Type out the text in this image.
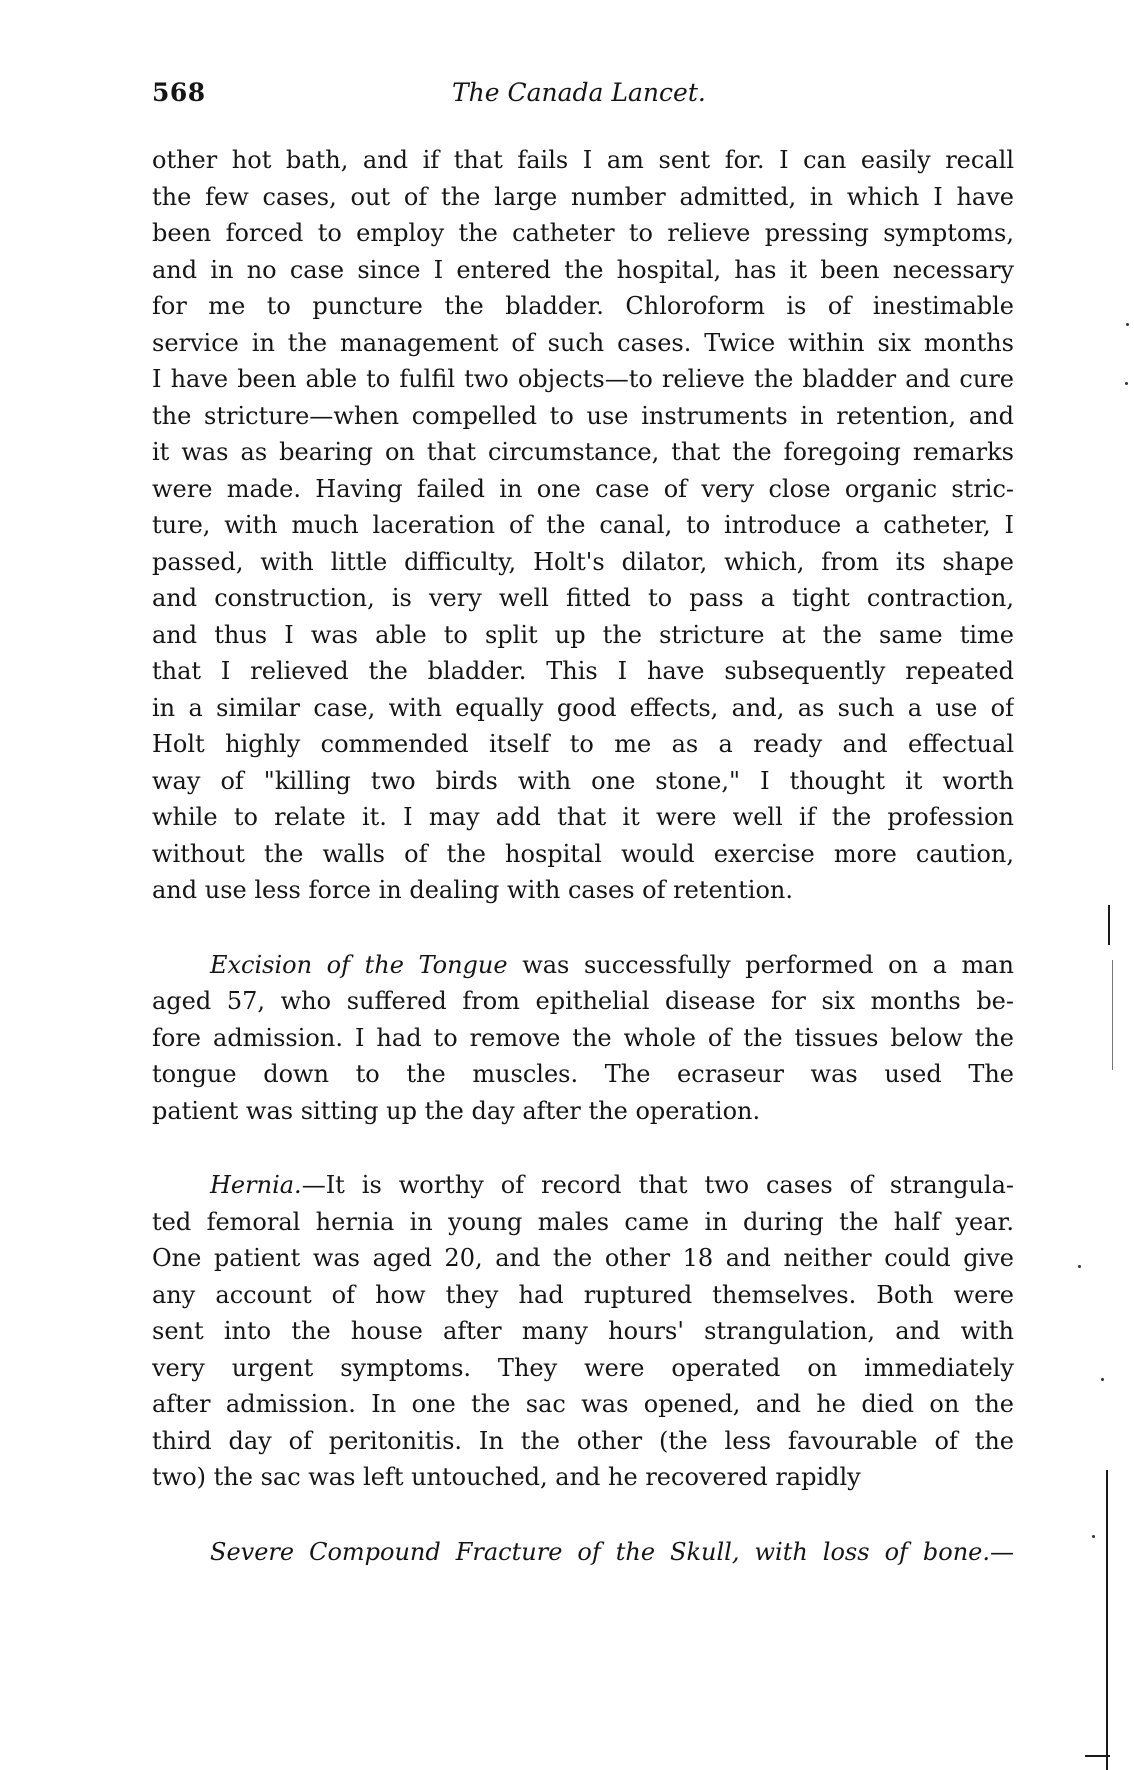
568	The Canada Lancet.
other hot bath, and if that fails I am sent for. I can easily recall
the few cases, out of the large number admitted, in which I have
been forced to employ the catheter to relieve pressing symptoms,
and in no case since I entered the hospital, has it been necessary
for me to puncture the bladder. Chloroform is of inestimable
service in the management of such cases. Twice within six months
I have been able to fulfil two objects—to relieve the bladder and cure
the stricture—when compelled to use instruments in retention, and
it was as bearing on that circumstance, that the foregoing remarks
were made. Having failed in one case of very close organic stric-
ture, with much laceration of the canal, to introduce a catheter, I
passed, with little difficulty, Holt's dilator, which, from its shape
and construction, is very well fitted to pass a tight contraction,
and thus I was able to split up the stricture at the same time
that I relieved the bladder. This I have subsequently repeated
in a similar case, with equally good effects, and, as such a use of
Holt highly commended itself to me as a ready and effectual
way of "killing two birds with one stone," I thought it worth
while to relate it. I may add that it were well if the profession
without the walls of the hospital would exercise more caution,
and use less force in dealing with cases of retention.
Excision of the Tongue was successfully performed on a man
aged 57, who suffered from epithelial disease for six months be-
fore admission. I had to remove the whole of the tissues below the
tongue down to the muscles. The ecraseur was used The
patient was sitting up the day after the operation.
Hernia.—It is worthy of record that two cases of strangula-
ted femoral hernia in young males came in during the half year.
One patient was aged 20, and the other 18 and neither could give
any account of how they had ruptured themselves. Both were
sent into the house after many hours' strangulation, and with
very urgent symptoms. They were operated on immediately
after admission. In one the sac was opened, and he died on the
third day of peritonitis. In the other (the less favourable of the
two) the sac was left untouched, and he recovered rapidly
Severe Compound Fracture of the Skull, with loss of bone.—
